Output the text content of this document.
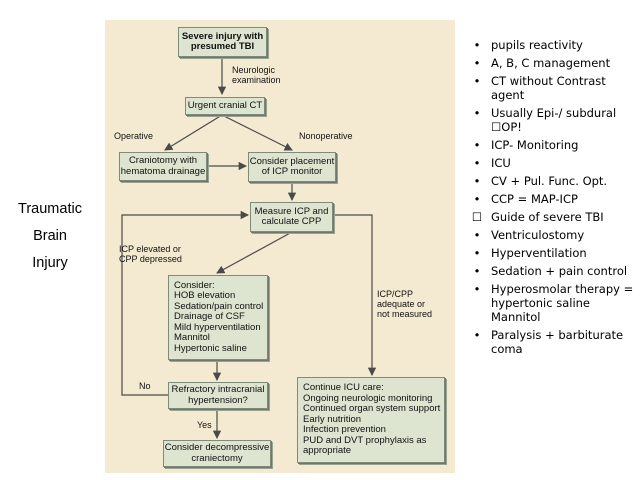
Traumatic
Brain
Injury
Severe injury with
presumed TBI
Urgent cranial CT
Craniotomy with
hematoma drainage
Consider placement
of ICP monitor
Measure ICP and
calculate CPP
Consider:
HOB elevation
Sedation/pain control
Drainage of CSF
Mild hyperventilation
Mannitol
Hypertonic saline
Refractory intracranial
hypertension?
Consider decompressive
craniectomy
Continue ICU care:
Ongoing neurologic monitoring
Continued organ system support
Early nutrition
Infection prevention
PUD and DVT prophylaxis as
appropriate
Neurologic
examination
Operative	Nonoperative
ICP elevated or
CPP depressed
ICP/CPP
adequate or
not measured
No
Yes
• pupils reactivity
• A, B, C management
• CT without Contrast agent
• Usually Epi-/ subdural ☐OP!
• ICP- Monitoring
• ICU
• CV + Pul. Func. Opt.
• CCP = MAP-ICP
☐ Guide of severe TBI
• Ventriculostomy
• Hyperventilation
• Sedation + pain control
• Hyperosmolar therapy = hypertonic saline Mannitol
• Paralysis + barbiturate coma
